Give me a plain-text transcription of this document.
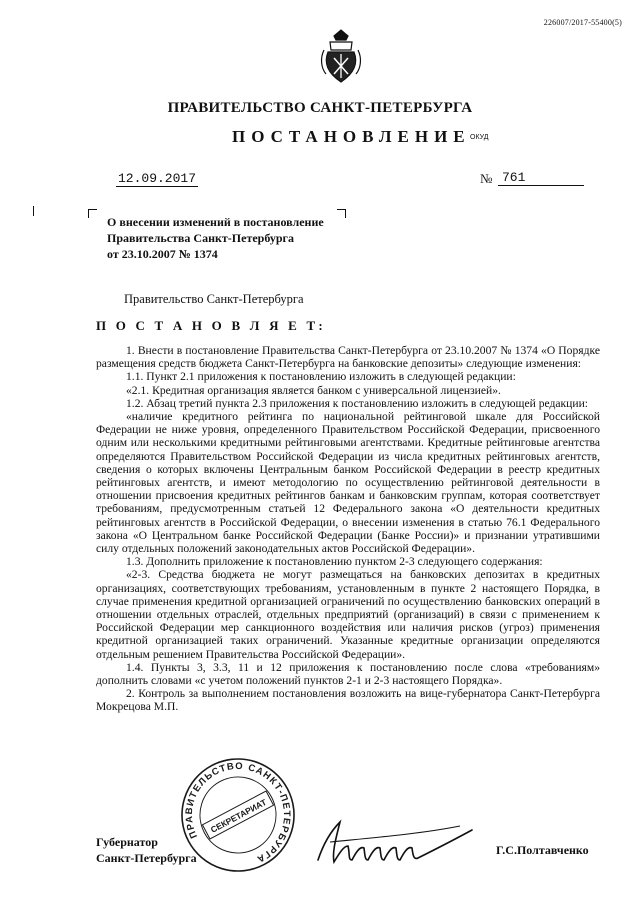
226007/2017-55400(5)
ПРАВИТЕЛЬСТВО САНКТ-ПЕТЕРБУРГА
ПОСТАНОВЛЕНИЕ ОКУД
12.09.2017	№ 761
О внесении изменений в постановление
Правительства Санкт-Петербурга
от 23.10.2007 № 1374
Правительство Санкт-Петербурга
П О С Т А Н О В Л Я Е Т:

1. Внести в постановление Правительства Санкт-Петербурга от 23.10.2007 № 1374 «О Порядке размещения средств бюджета Санкт-Петербурга на банковские депозиты» следующие изменения:

1.1. Пункт 2.1 приложения к постановлению изложить в следующей редакции:

«2.1. Кредитная организация является банком с универсальной лицензией».

1.2. Абзац третий пункта 2.3 приложения к постановлению изложить в следующей редакции:

«наличие кредитного рейтинга по национальной рейтинговой шкале для Российской Федерации не ниже уровня, определенного Правительством Российской Федерации, присвоенного одним или несколькими кредитными рейтинговыми агентствами. Кредитные рейтинговые агентства определяются Правительством Российской Федерации из числа кредитных рейтинговых агентств, сведения о которых включены Центральным банком Российской Федерации в реестр кредитных рейтинговых агентств, и имеют методологию по осуществлению рейтинговой деятельности в отношении присвоения кредитных рейтингов банкам и банковским группам, которая соответствует требованиям, предусмотренным статьей 12 Федерального закона «О деятельности кредитных рейтинговых агентств в Российской Федерации, о внесении изменения в статью 76.1 Федерального закона «О Центральном банке Российской Федерации (Банке России)» и признании утратившими силу отдельных положений законодательных актов Российской Федерации».

1.3. Дополнить приложение к постановлению пунктом 2-3 следующего содержания:

«2-3. Средства бюджета не могут размещаться на банковских депозитах в кредитных организациях, соответствующих требованиям, установленным в пункте 2 настоящего Порядка, в случае применения кредитной организацией ограничений по осуществлению банковских операций в отношении отдельных отраслей, отдельных предприятий (организаций) в связи с применением к Российской Федерации мер санкционного воздействия или наличия рисков (угроз) применения кредитной организацией таких ограничений. Указанные кредитные организации определяются отдельным решением Правительства Российской Федерации».

1.4. Пункты 3, 3.3, 11 и 12 приложения к постановлению после слова «требованиям» дополнить словами «с учетом положений пунктов 2-1 и 2-3 настоящего Порядка».

2. Контроль за выполнением постановления возложить на вице-губернатора Санкт-Петербурга Мокрецова М.П.

ПРАВИТЕЛЬСТВО САНКТ-ПЕТЕРБУРГА
СЕКРЕТАРИАТ
Губернатор
Санкт-Петербурга
Г.С.Полтавченко
